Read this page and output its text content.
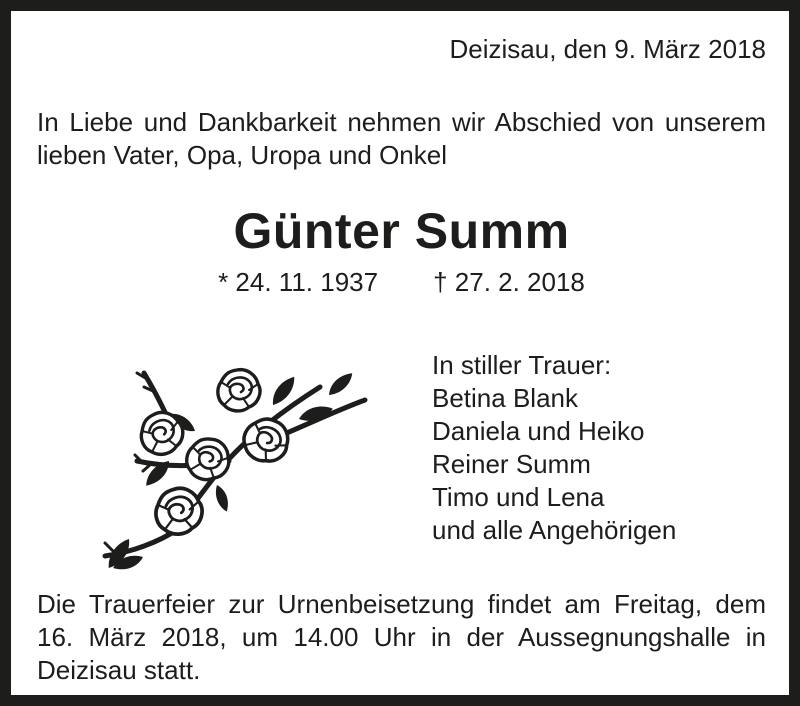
Deizisau, den 9. März 2018
In Liebe und Dankbarkeit nehmen wir Abschied von unserem
lieben Vater, Opa, Uropa und Onkel
Günter Summ
* 24. 11. 1937 † 27. 2. 2018
In stiller Trauer:
Betina Blank
Daniela und Heiko
Reiner Summ
Timo und Lena
und alle Angehörigen
Die Trauerfeier zur Urnenbeisetzung findet am Freitag, dem
16. März 2018, um 14.00 Uhr in der Aussegnungshalle in
Deizisau statt.
